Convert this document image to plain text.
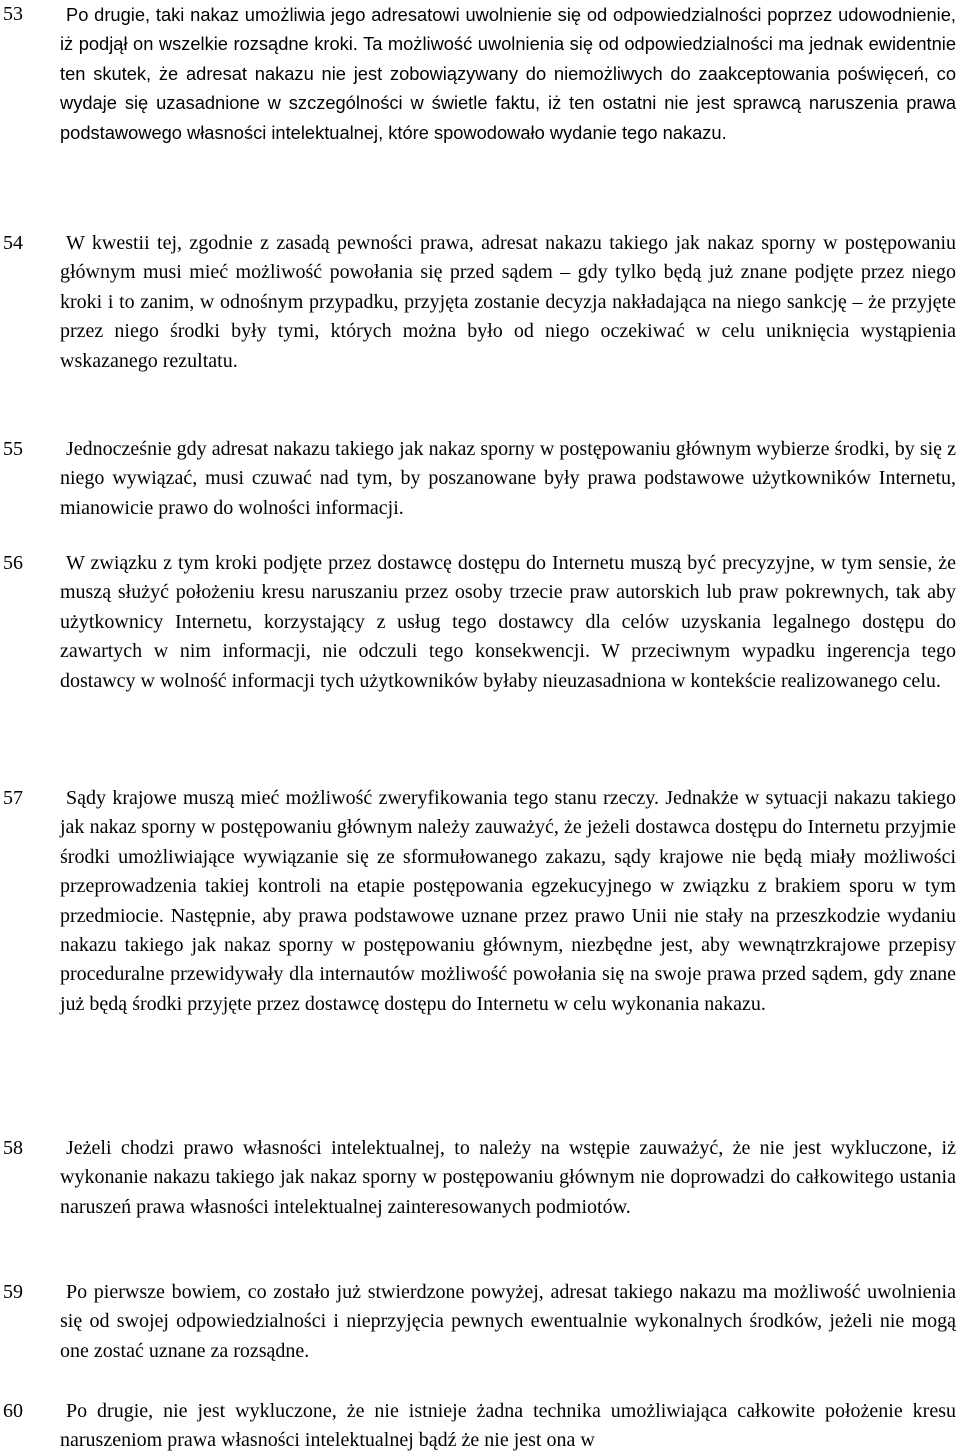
53	Po drugie, taki nakaz umożliwia jego adresatowi uwolnienie się od odpowiedzialności poprzez udowodnienie, iż podjął on wszelkie rozsądne kroki. Ta możliwość uwolnienia się od odpowiedzialności ma jednak ewidentnie ten skutek, że adresat nakazu nie jest zobowiązywany do niemożliwych do zaakceptowania poświęceń, co wydaje się uzasadnione w szczególności w świetle faktu, iż ten ostatni nie jest sprawcą naruszenia prawa podstawowego własności intelektualnej, które spowodowało wydanie tego nakazu.
54	W kwestii tej, zgodnie z zasadą pewności prawa, adresat nakazu takiego jak nakaz sporny w postępowaniu głównym musi mieć możliwość powołania się przed sądem – gdy tylko będą już znane podjęte przez niego kroki i to zanim, w odnośnym przypadku, przyjęta zostanie decyzja nakładająca na niego sankcję – że przyjęte przez niego środki były tymi, których można było od niego oczekiwać w celu uniknięcia wystąpienia wskazanego rezultatu.
55	Jednocześnie gdy adresat nakazu takiego jak nakaz sporny w postępowaniu głównym wybierze środki, by się z niego wywiązać, musi czuwać nad tym, by poszanowane były prawa podstawowe użytkowników Internetu, mianowicie prawo do wolności informacji.
56	W związku z tym kroki podjęte przez dostawcę dostępu do Internetu muszą być precyzyjne, w tym sensie, że muszą służyć położeniu kresu naruszaniu przez osoby trzecie praw autorskich lub praw pokrewnych, tak aby użytkownicy Internetu, korzystający z usług tego dostawcy dla celów uzyskania legalnego dostępu do zawartych w nim informacji, nie odczuli tego konsekwencji. W przeciwnym wypadku ingerencja tego dostawcy w wolność informacji tych użytkowników byłaby nieuzasadniona w kontekście realizowanego celu.
57	Sądy krajowe muszą mieć możliwość zweryfikowania tego stanu rzeczy. Jednakże w sytuacji nakazu takiego jak nakaz sporny w postępowaniu głównym należy zauważyć, że jeżeli dostawca dostępu do Internetu przyjmie środki umożliwiające wywiązanie się ze sformułowanego zakazu, sądy krajowe nie będą miały możliwości przeprowadzenia takiej kontroli na etapie postępowania egzekucyjnego w związku z brakiem sporu w tym przedmiocie. Następnie, aby prawa podstawowe uznane przez prawo Unii nie stały na przeszkodzie wydaniu nakazu takiego jak nakaz sporny w postępowaniu głównym, niezbędne jest, aby wewnątrzkrajowe przepisy proceduralne przewidywały dla internautów możliwość powołania się na swoje prawa przed sądem, gdy znane już będą środki przyjęte przez dostawcę dostępu do Internetu w celu wykonania nakazu.
58	Jeżeli chodzi prawo własności intelektualnej, to należy na wstępie zauważyć, że nie jest wykluczone, iż wykonanie nakazu takiego jak nakaz sporny w postępowaniu głównym nie doprowadzi do całkowitego ustania naruszeń prawa własności intelektualnej zainteresowanych podmiotów.
59	Po pierwsze bowiem, co zostało już stwierdzone powyżej, adresat takiego nakazu ma możliwość uwolnienia się od swojej odpowiedzialności i nieprzyjęcia pewnych ewentualnie wykonalnych środków, jeżeli nie mogą one zostać uznane za rozsądne.
60	Po drugie, nie jest wykluczone, że nie istnieje żadna technika umożliwiająca całkowite położenie kresu naruszeniom prawa własności intelektualnej bądź że nie jest ona w
